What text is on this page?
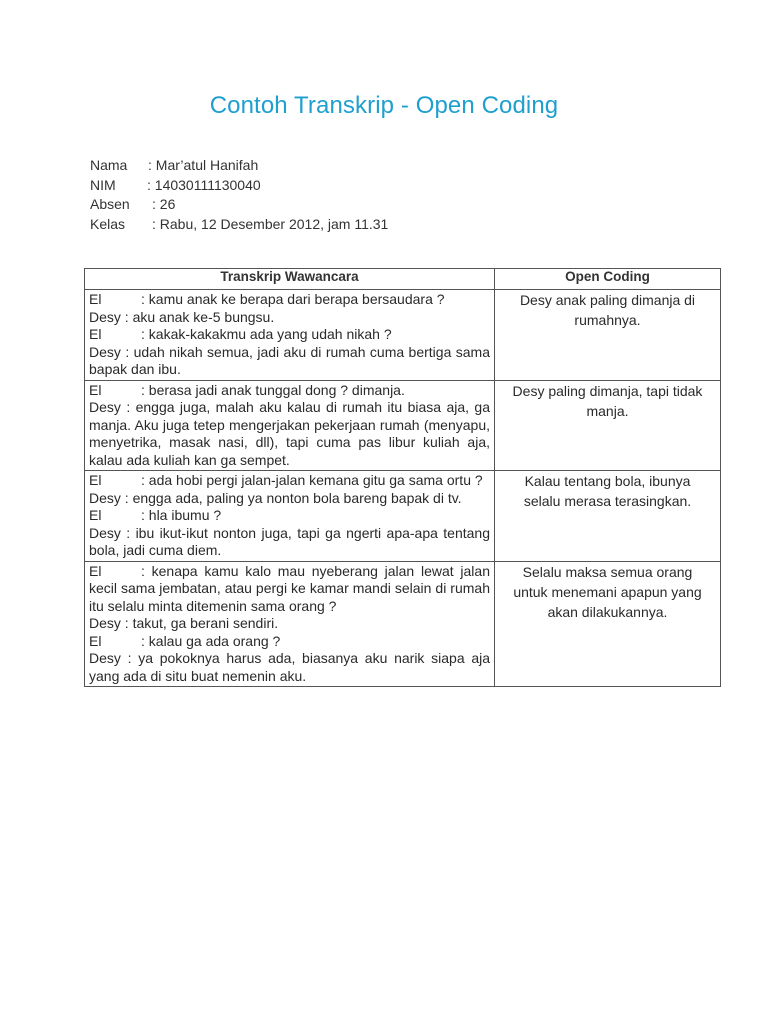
Contoh Transkrip - Open Coding
Nama : Mar’atul Hanifah
NIM : 14030111130040
Absen : 26
Kelas : Rabu, 12 Desember 2012, jam 11.31
Transkrip Wawancara	Open Coding

El : kamu anak ke berapa dari berapa bersaudara ?
Desy : aku anak ke-5 bungsu.
El : kakak-kakakmu ada yang udah nikah ?
Desy : udah nikah semua, jadi aku di rumah cuma bertiga sama bapak dan ibu.	Desy anak paling dimanja di rumahnya.

El : berasa jadi anak tunggal dong ? dimanja.
Desy : engga juga, malah aku kalau di rumah itu biasa aja, ga manja. Aku juga tetep mengerjakan pekerjaan rumah (menyapu, menyetrika, masak nasi, dll), tapi cuma pas libur kuliah aja, kalau ada kuliah kan ga sempet.	Desy paling dimanja, tapi tidak manja.

El : ada hobi pergi jalan-jalan kemana gitu ga sama ortu ?
Desy : engga ada, paling ya nonton bola bareng bapak di tv.
El : hla ibumu ?
Desy : ibu ikut-ikut nonton juga, tapi ga ngerti apa-apa tentang bola, jadi cuma diem.	Kalau tentang bola, ibunya selalu merasa terasingkan.

El : kenapa kamu kalo mau nyeberang jalan lewat jalan kecil sama jembatan, atau pergi ke kamar mandi selain di rumah itu selalu minta ditemenin sama orang ?
Desy : takut, ga berani sendiri.
El : kalau ga ada orang ?
Desy : ya pokoknya harus ada, biasanya aku narik siapa aja yang ada di situ buat nemenin aku.	Selalu maksa semua orang untuk menemani apapun yang akan dilakukannya.
